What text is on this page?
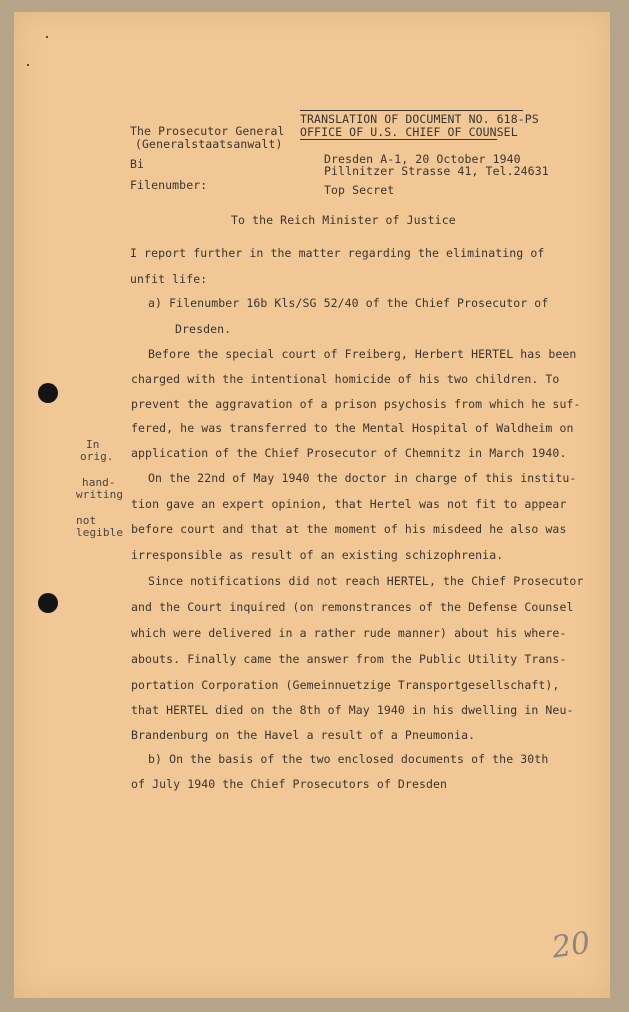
TRANSLATION OF DOCUMENT NO. 618-PS
OFFICE OF U.S. CHIEF OF COUNSEL
The Prosecutor General
(Generalstaatsanwalt)
Bi
Filenumber:
Dresden A-1, 20 October 1940
Pillnitzer Strasse 41, Tel.24631
Top Secret
To the Reich Minister of Justice
In
orig.
hand-
writing
not
legible
I report further in the matter regarding the eliminating of
unfit life:
a) Filenumber 16b Kls/SG 52/40 of the Chief Prosecutor of
Dresden.
Before the special court of Freiberg, Herbert HERTEL has been
charged with the intentional homicide of his two children. To
prevent the aggravation of a prison psychosis from which he suf-
fered, he was transferred to the Mental Hospital of Waldheim on
application of the Chief Prosecutor of Chemnitz in March 1940.
On the 22nd of May 1940 the doctor in charge of this institu-
tion gave an expert opinion, that Hertel was not fit to appear
before court and that at the moment of his misdeed he also was
irresponsible as result of an existing schizophrenia.
Since notifications did not reach HERTEL, the Chief Prosecutor
and the Court inquired (on remonstrances of the Defense Counsel
which were delivered in a rather rude manner) about his where-
abouts. Finally came the answer from the Public Utility Trans-
portation Corporation (Gemeinnuetzige Transportgesellschaft),
that HERTEL died on the 8th of May 1940 in his dwelling in Neu-
Brandenburg on the Havel a result of a Pneumonia.
b) On the basis of the two enclosed documents of the 30th
of July 1940 the Chief Prosecutors of Dresden
20
